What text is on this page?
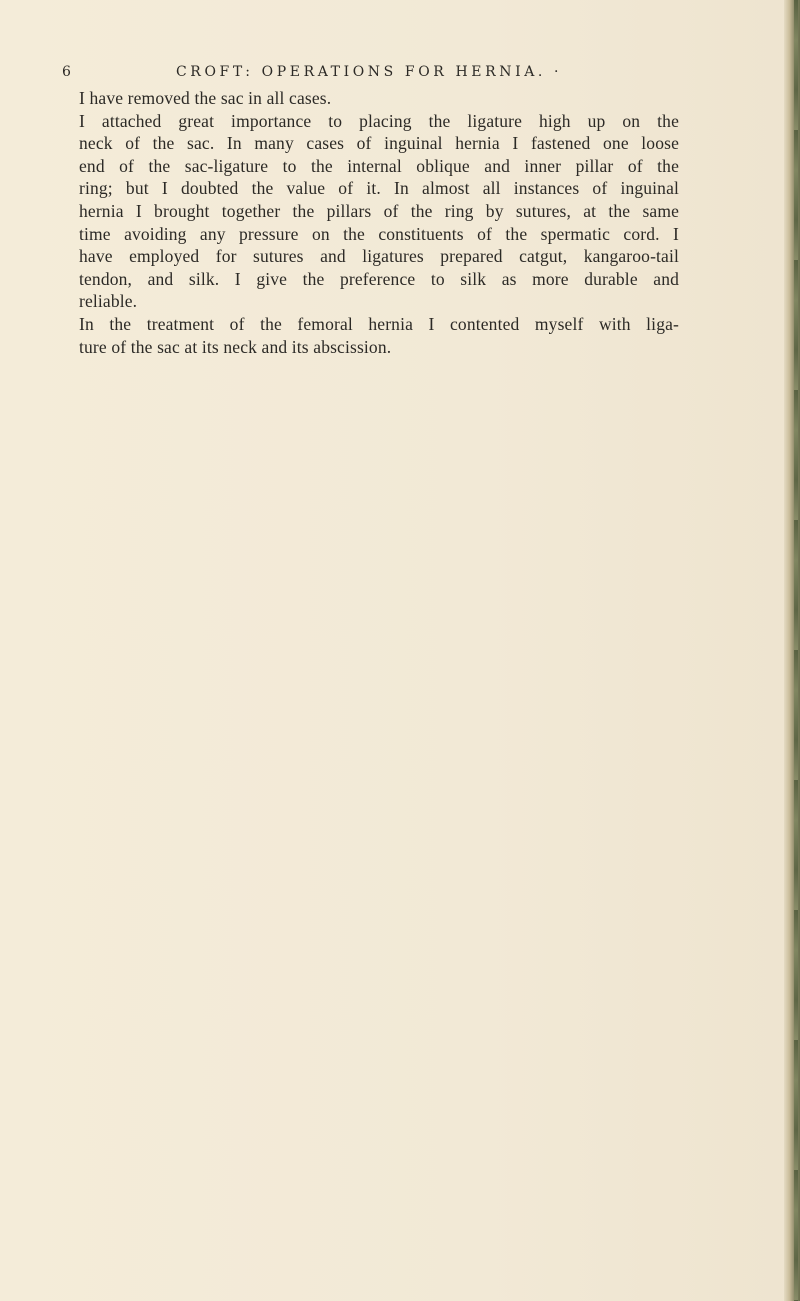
6	CROFT: OPERATIONS FOR HERNIA. ·

I have removed the sac in all cases.

I attached great importance to placing the ligature high up on the
neck of the sac. In many cases of inguinal hernia I fastened one loose
end of the sac-ligature to the internal oblique and inner pillar of the
ring; but I doubted the value of it. In almost all instances of inguinal
hernia I brought together the pillars of the ring by sutures, at the same
time avoiding any pressure on the constituents of the spermatic cord. I
have employed for sutures and ligatures prepared catgut, kangaroo-tail
tendon, and silk. I give the preference to silk as more durable and
reliable.

In the treatment of the femoral hernia I contented myself with liga-
ture of the sac at its neck and its abscission.
